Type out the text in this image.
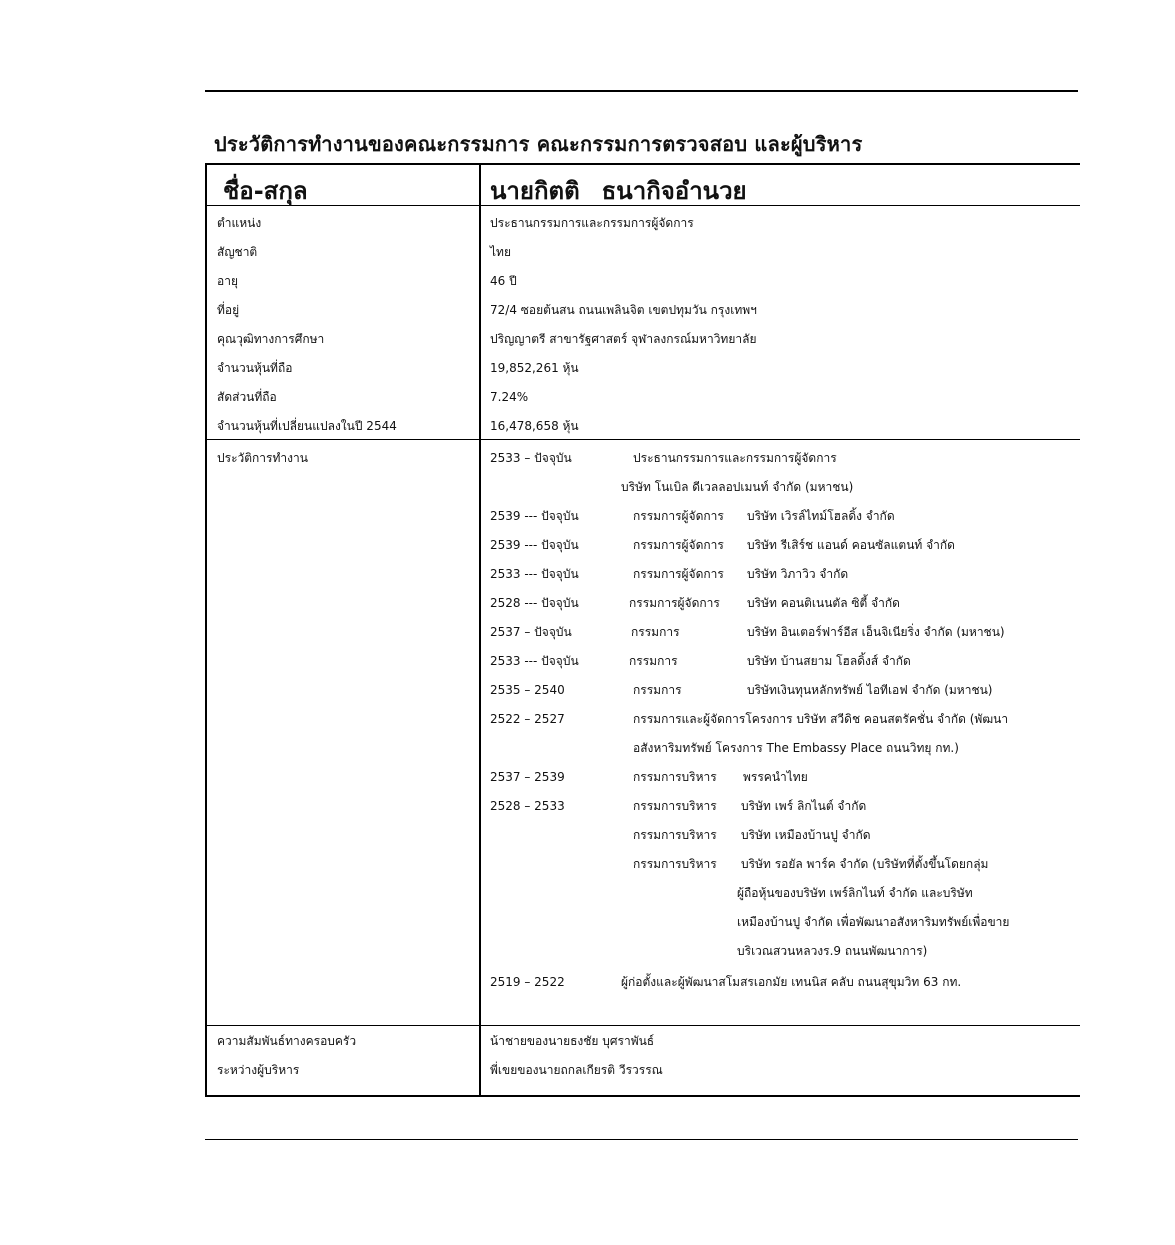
ประวัติการทำงานของคณะกรรมการ คณะกรรมการตรวจสอบ และผู้บริหาร
ชื่อ-สกุล	นายกิตติ ธนากิจอำนวย
ตำแหน่ง	ประธานกรรมการและกรรมการผู้จัดการ
สัญชาติ	ไทย
อายุ	46 ปี
ที่อยู่	72/4 ซอยต้นสน ถนนเพลินจิต เขตปทุมวัน กรุงเทพฯ
คุณวุฒิทางการศึกษา	ปริญญาตรี สาขารัฐศาสตร์ จุฬาลงกรณ์มหาวิทยาลัย
จำนวนหุ้นที่ถือ	19,852,261 หุ้น
สัดส่วนที่ถือ	7.24%
จำนวนหุ้นที่เปลี่ยนแปลงในปี 2544	16,478,658 หุ้น
ประวัติการทำงาน	2533 – ปัจจุบัน	ประธานกรรมการและกรรมการผู้จัดการ
บริษัท โนเบิล ดีเวลลอปเมนท์ จำกัด (มหาชน)
2539 --- ปัจจุบัน	กรรมการผู้จัดการ บริษัท เวิรล์ไทม์โฮลดิ้ง จำกัด
2539 --- ปัจจุบัน	กรรมการผู้จัดการ บริษัท รีเสิร์ช แอนด์ คอนซัลแตนท์ จำกัด
2533 --- ปัจจุบัน	กรรมการผู้จัดการ บริษัท วิภาวิว จำกัด
2528 --- ปัจจุบัน	กรรมการผู้จัดการ บริษัท คอนติเนนตัล ซิตี้ จำกัด
2537 – ปัจจุบัน	กรรมการ	บริษัท อินเตอร์ฟาร์อีส เอ็นจิเนียริ่ง จำกัด (มหาชน)
2533 --- ปัจจุบัน	กรรมการ	บริษัท บ้านสยาม โฮลดิ้งส์ จำกัด
2535 – 2540	กรรมการ	บริษัทเงินทุนหลักทรัพย์ ไอทีเอฟ จำกัด (มหาชน)
2522 – 2527	กรรมการและผู้จัดการโครงการ บริษัท สวีดิช คอนสตรัคชั่น จำกัด (พัฒนา
อสังหาริมทรัพย์ โครงการ The Embassy Place ถนนวิทยุ กท.)
2537 – 2539	กรรมการบริหาร พรรคนำไทย
2528 – 2533	กรรมการบริหาร บริษัท เพร์ ลิกไนต์ จำกัด
กรรมการบริหาร บริษัท เหมืองบ้านปู จำกัด
กรรมการบริหาร บริษัท รอยัล พาร์ค จำกัด (บริษัทที่ตั้งขึ้นโดยกลุ่ม
ผู้ถือหุ้นของบริษัท เพร์ลิกไนท์ จำกัด และบริษัท
เหมืองบ้านปู จำกัด เพื่อพัฒนาอสังหาริมทรัพย์เพื่อขาย
บริเวณสวนหลวงร.9 ถนนพัฒนาการ)
2519 – 2522	ผู้ก่อตั้งและผู้พัฒนาสโมสรเอกมัย เทนนิส คลับ ถนนสุขุมวิท 63 กท.
ความสัมพันธ์ทางครอบครัว	น้าชายของนายธงชัย บุศราพันธ์
ระหว่างผู้บริหาร	พี่เขยของนายถกลเกียรติ วีรวรรณ
